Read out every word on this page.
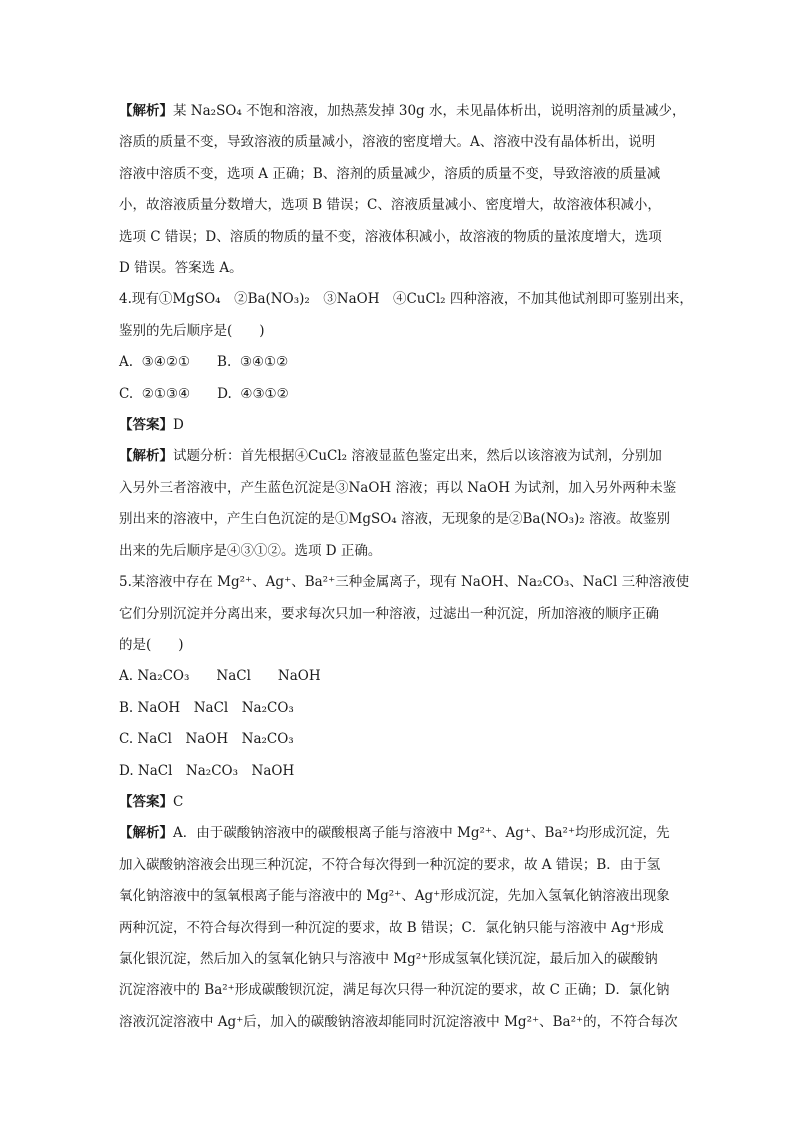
【解析】某 Na₂SO₄ 不饱和溶液，加热蒸发掉 30g 水，未见晶体析出，说明溶剂的质量减少，
溶质的质量不变，导致溶液的质量减小，溶液的密度增大。A、溶液中没有晶体析出，说明
溶液中溶质不变，选项 A 正确；B、溶剂的质量减少，溶质的质量不变，导致溶液的质量减
小，故溶液质量分数增大，选项 B 错误；C、溶液质量减小、密度增大，故溶液体积减小，
选项 C 错误；D、溶质的物质的量不变，溶液体积减小，故溶液的物质的量浓度增大，选项
D 错误。答案选 A。
4.现有①MgSO₄　②Ba(NO₃)₂　③NaOH　④CuCl₂ 四种溶液，不加其他试剂即可鉴别出来，
鉴别的先后顺序是(　　)
A.  ③④②①　　B.  ③④①②
C.  ②①③④　　D.  ④③①②
【答案】D
【解析】试题分析：首先根据④CuCl₂ 溶液显蓝色鉴定出来，然后以该溶液为试剂，分别加
入另外三者溶液中，产生蓝色沉淀是③NaOH 溶液；再以 NaOH 为试剂，加入另外两种未鉴
别出来的溶液中，产生白色沉淀的是①MgSO₄ 溶液，无现象的是②Ba(NO₃)₂ 溶液。故鉴别
出来的先后顺序是④③①②。选项 D 正确。
5.某溶液中存在 Mg²⁺、Ag⁺、Ba²⁺三种金属离子，现有 NaOH、Na₂CO₃、NaCl 三种溶液使
它们分别沉淀并分离出来，要求每次只加一种溶液，过滤出一种沉淀，所加溶液的顺序正确
的是(　　)
A. Na₂CO₃　　NaCl　　NaOH
B. NaOH　NaCl　Na₂CO₃
C. NaCl　NaOH　Na₂CO₃
D. NaCl　Na₂CO₃　NaOH
【答案】C
【解析】A．由于碳酸钠溶液中的碳酸根离子能与溶液中 Mg²⁺、Ag⁺、Ba²⁺均形成沉淀，先
加入碳酸钠溶液会出现三种沉淀，不符合每次得到一种沉淀的要求，故 A 错误；B．由于氢
氧化钠溶液中的氢氧根离子能与溶液中的 Mg²⁺、Ag⁺形成沉淀，先加入氢氧化钠溶液出现象
两种沉淀，不符合每次得到一种沉淀的要求，故 B 错误；C．氯化钠只能与溶液中 Ag⁺形成
氯化银沉淀，然后加入的氢氧化钠只与溶液中 Mg²⁺形成氢氧化镁沉淀，最后加入的碳酸钠
沉淀溶液中的 Ba²⁺形成碳酸钡沉淀，满足每次只得一种沉淀的要求，故 C 正确；D．氯化钠
溶液沉淀溶液中 Ag⁺后，加入的碳酸钠溶液却能同时沉淀溶液中 Mg²⁺、Ba²⁺的，不符合每次
